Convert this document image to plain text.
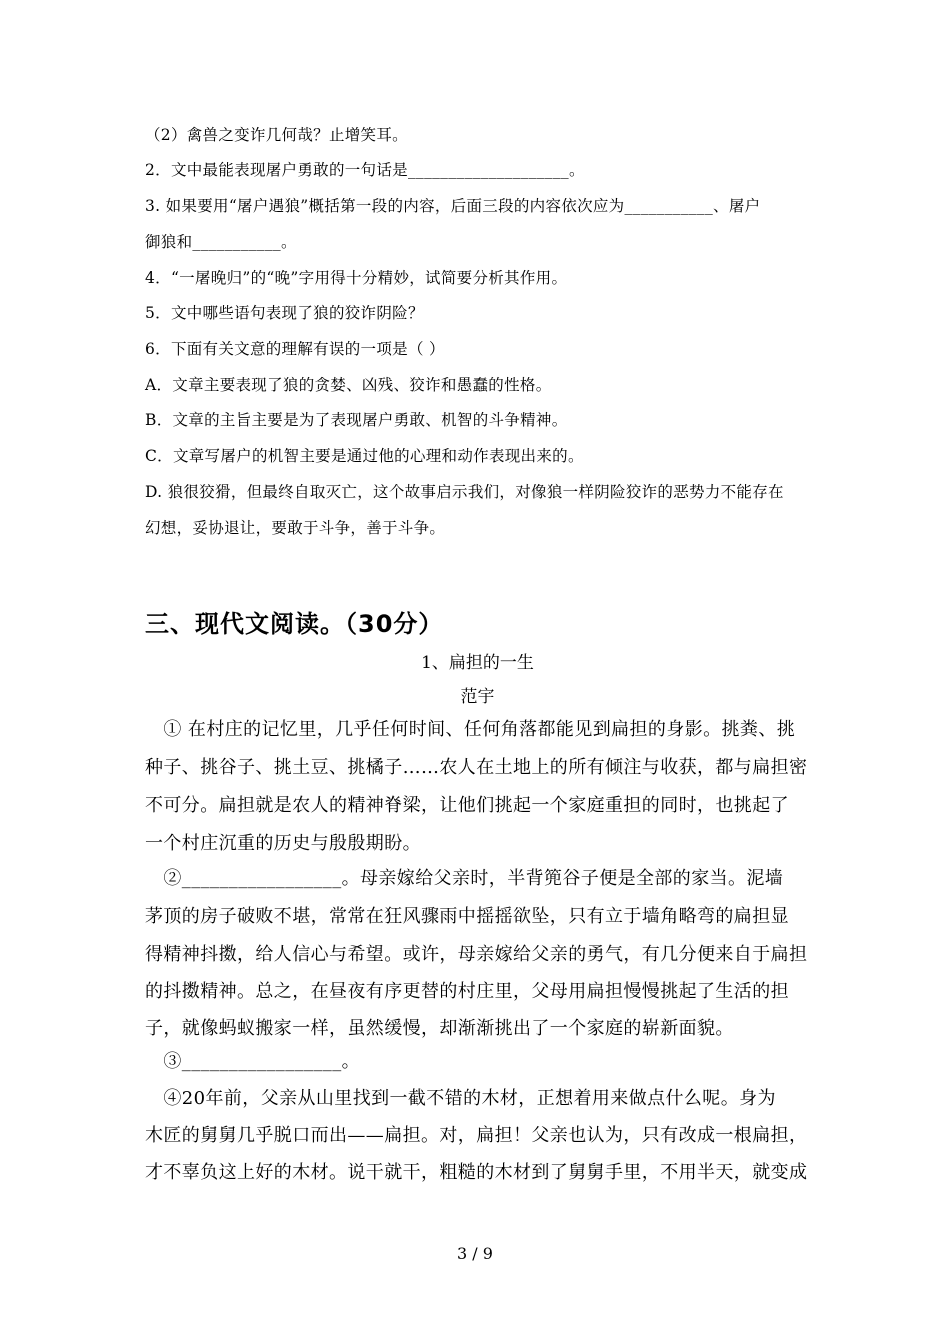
（2）禽兽之变诈几何哉？止增笑耳。
2．文中最能表现屠户勇敢的一句话是____________________。
3. 如果要用“屠户遇狼”概括第一段的内容，后面三段的内容依次应为___________、屠户
御狼和___________。
4．“一屠晚归”的“晚”字用得十分精妙，试简要分析其作用。
5．文中哪些语句表现了狼的狡诈阴险？
6．下面有关文意的理解有误的一项是（ ）
A．文章主要表现了狼的贪婪、凶残、狡诈和愚蠢的性格。
B．文章的主旨主要是为了表现屠户勇敢、机智的斗争精神。
C．文章写屠户的机智主要是通过他的心理和动作表现出来的。
D. 狼很狡猾，但最终自取灭亡，这个故事启示我们，对像狼一样阴险狡诈的恶势力不能存在
幻想，妥协退让，要敢于斗争，善于斗争。
三、现代文阅读。（30分）
1、扁担的一生
范宇
　① 在村庄的记忆里，几乎任何时间、任何角落都能见到扁担的身影。挑粪、挑
种子、挑谷子、挑土豆、挑橘子……农人在土地上的所有倾注与收获，都与扁担密
不可分。扁担就是农人的精神脊梁，让他们挑起一个家庭重担的同时，也挑起了
一个村庄沉重的历史与殷殷期盼。
　②_________________。母亲嫁给父亲时，半背篼谷子便是全部的家当。泥墙
茅顶的房子破败不堪，常常在狂风骤雨中摇摇欲坠，只有立于墙角略弯的扁担显
得精神抖擞，给人信心与希望。或许，母亲嫁给父亲的勇气，有几分便来自于扁担
的抖擞精神。总之，在昼夜有序更替的村庄里，父母用扁担慢慢挑起了生活的担
子，就像蚂蚁搬家一样，虽然缓慢，却渐渐挑出了一个家庭的崭新面貌。
　③_________________。
　④20年前，父亲从山里找到一截不错的木材，正想着用来做点什么呢。身为
木匠的舅舅几乎脱口而出——扁担。对，扁担！父亲也认为，只有改成一根扁担，
才不辜负这上好的木材。说干就干，粗糙的木材到了舅舅手里，不用半天，就变成
3 / 9
